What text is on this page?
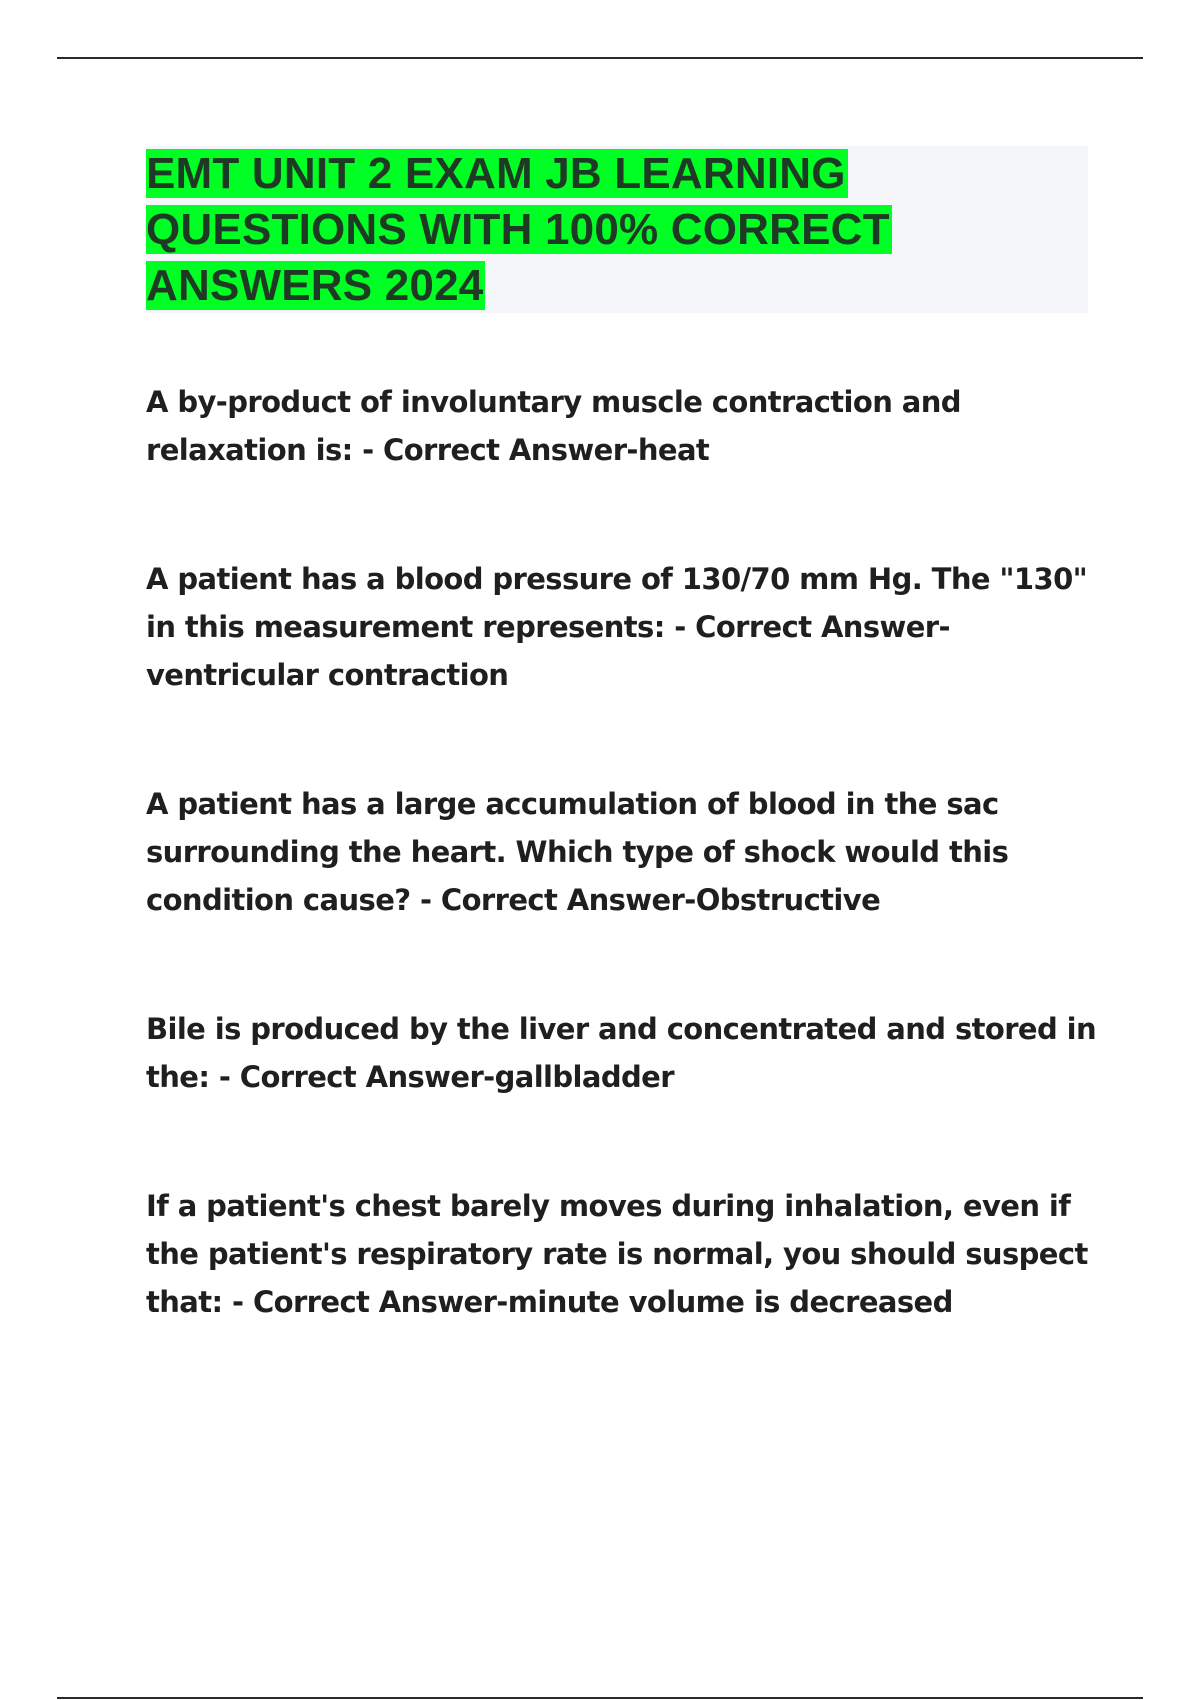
EMT UNIT 2 EXAM JB LEARNING QUESTIONS WITH 100% CORRECT ANSWERS 2024
A by-product of involuntary muscle contraction and relaxation is: - Correct Answer-heat
A patient has a blood pressure of 130/70 mm Hg. The "130" in this measurement represents: - Correct Answer-ventricular contraction
A patient has a large accumulation of blood in the sac surrounding the heart. Which type of shock would this condition cause? - Correct Answer-Obstructive
Bile is produced by the liver and concentrated and stored in the: - Correct Answer-gallbladder
If a patient's chest barely moves during inhalation, even if the patient's respiratory rate is normal, you should suspect that: - Correct Answer-minute volume is decreased
